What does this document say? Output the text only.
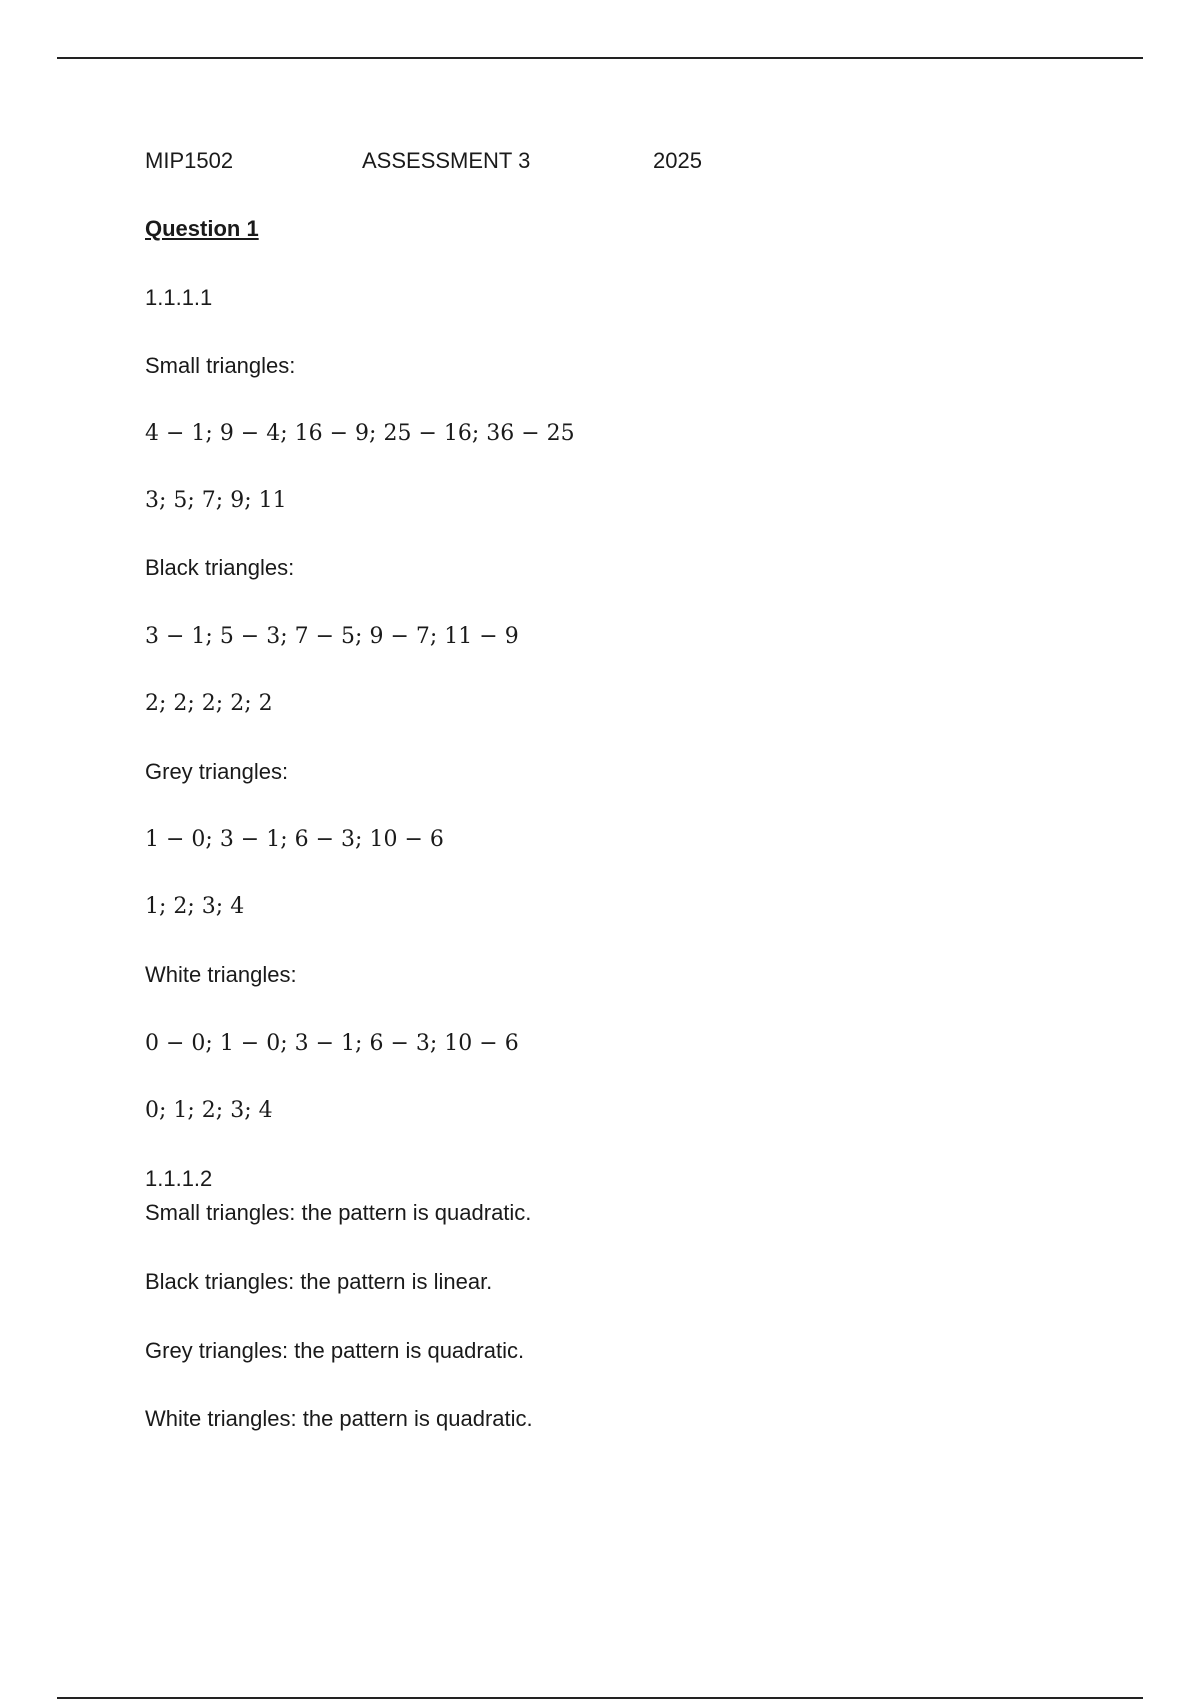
MIP1502	ASSESSMENT 3	2025
Question 1
1.1.1.1
Small triangles:
4 − 1; 9 − 4; 16 − 9; 25 − 16; 36 − 25
3; 5; 7; 9; 11
Black triangles:
3 − 1; 5 − 3; 7 − 5; 9 − 7; 11 − 9
2; 2; 2; 2; 2
Grey triangles:
1 − 0; 3 − 1; 6 − 3; 10 − 6
1; 2; 3; 4
White triangles:
0 − 0; 1 − 0; 3 − 1; 6 − 3; 10 − 6
0; 1; 2; 3; 4
1.1.1.2
Small triangles: the pattern is quadratic.
Black triangles: the pattern is linear.
Grey triangles: the pattern is quadratic.
White triangles: the pattern is quadratic.
